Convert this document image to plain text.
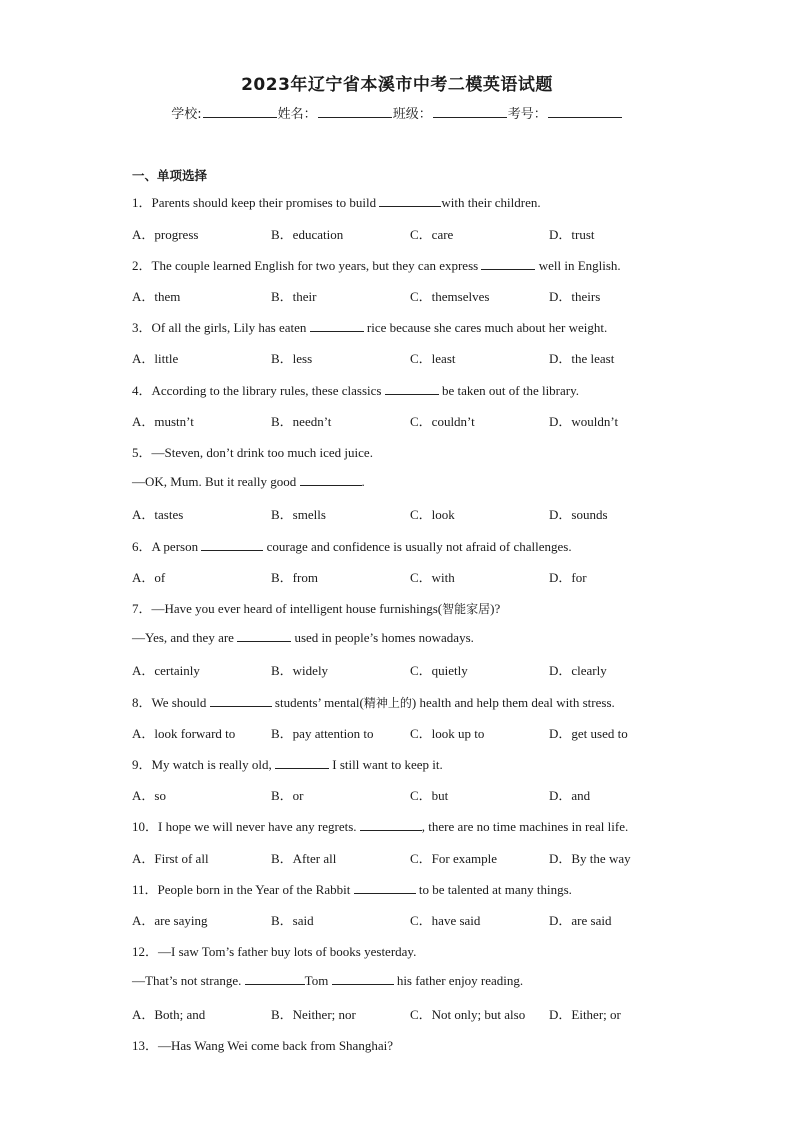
2023年辽宁省本溪市中考二模英语试题
学校:	姓名：	班级：	考号：
一、单项选择
1．Parents should keep their promises to build	with their children.
A．progress	B．education	C．care	D．trust
2．The couple learned English for two years, but they can express	well in English.
A．them	B．their	C．themselves	D．theirs
3．Of all the girls, Lily has eaten	rice because she cares much about her weight.
A．little	B．less	C．least	D．the least
4．According to the library rules, these classics	be taken out of the library.
A．mustn’t	B．needn’t	C．couldn’t	D．wouldn’t
5．—Steven, don’t drink too much iced juice.
—OK, Mum. But it really good	.
A．tastes	B．smells	C．look	D．sounds
6．A person	courage and confidence is usually not afraid of challenges.
A．of	B．from	C．with	D．for
7．—Have you ever heard of intelligent house furnishings(智能家居)?
—Yes, and they are	used in people’s homes nowadays.
A．certainly	B．widely	C．quietly	D．clearly
8．We should	students’ mental(精神上的) health and help them deal with stress.
A．look forward to	B．pay attention to	C．look up to	D．get used to
9．My watch is really old,	I still want to keep it.
A．so	B．or	C．but	D．and
10．I hope we will never have any regrets.	, there are no time machines in real life.
A．First of all	B．After all	C．For example	D．By the way
11．People born in the Year of the Rabbit	to be talented at many things.
A．are saying	B．said	C．have said	D．are said
12．—I saw Tom’s father buy lots of books yesterday.
—That’s not strange.	Tom	his father enjoy reading.
A．Both; and	B．Neither; nor	C．Not only; but also D．Either; or
13．—Has Wang Wei come back from Shanghai?
